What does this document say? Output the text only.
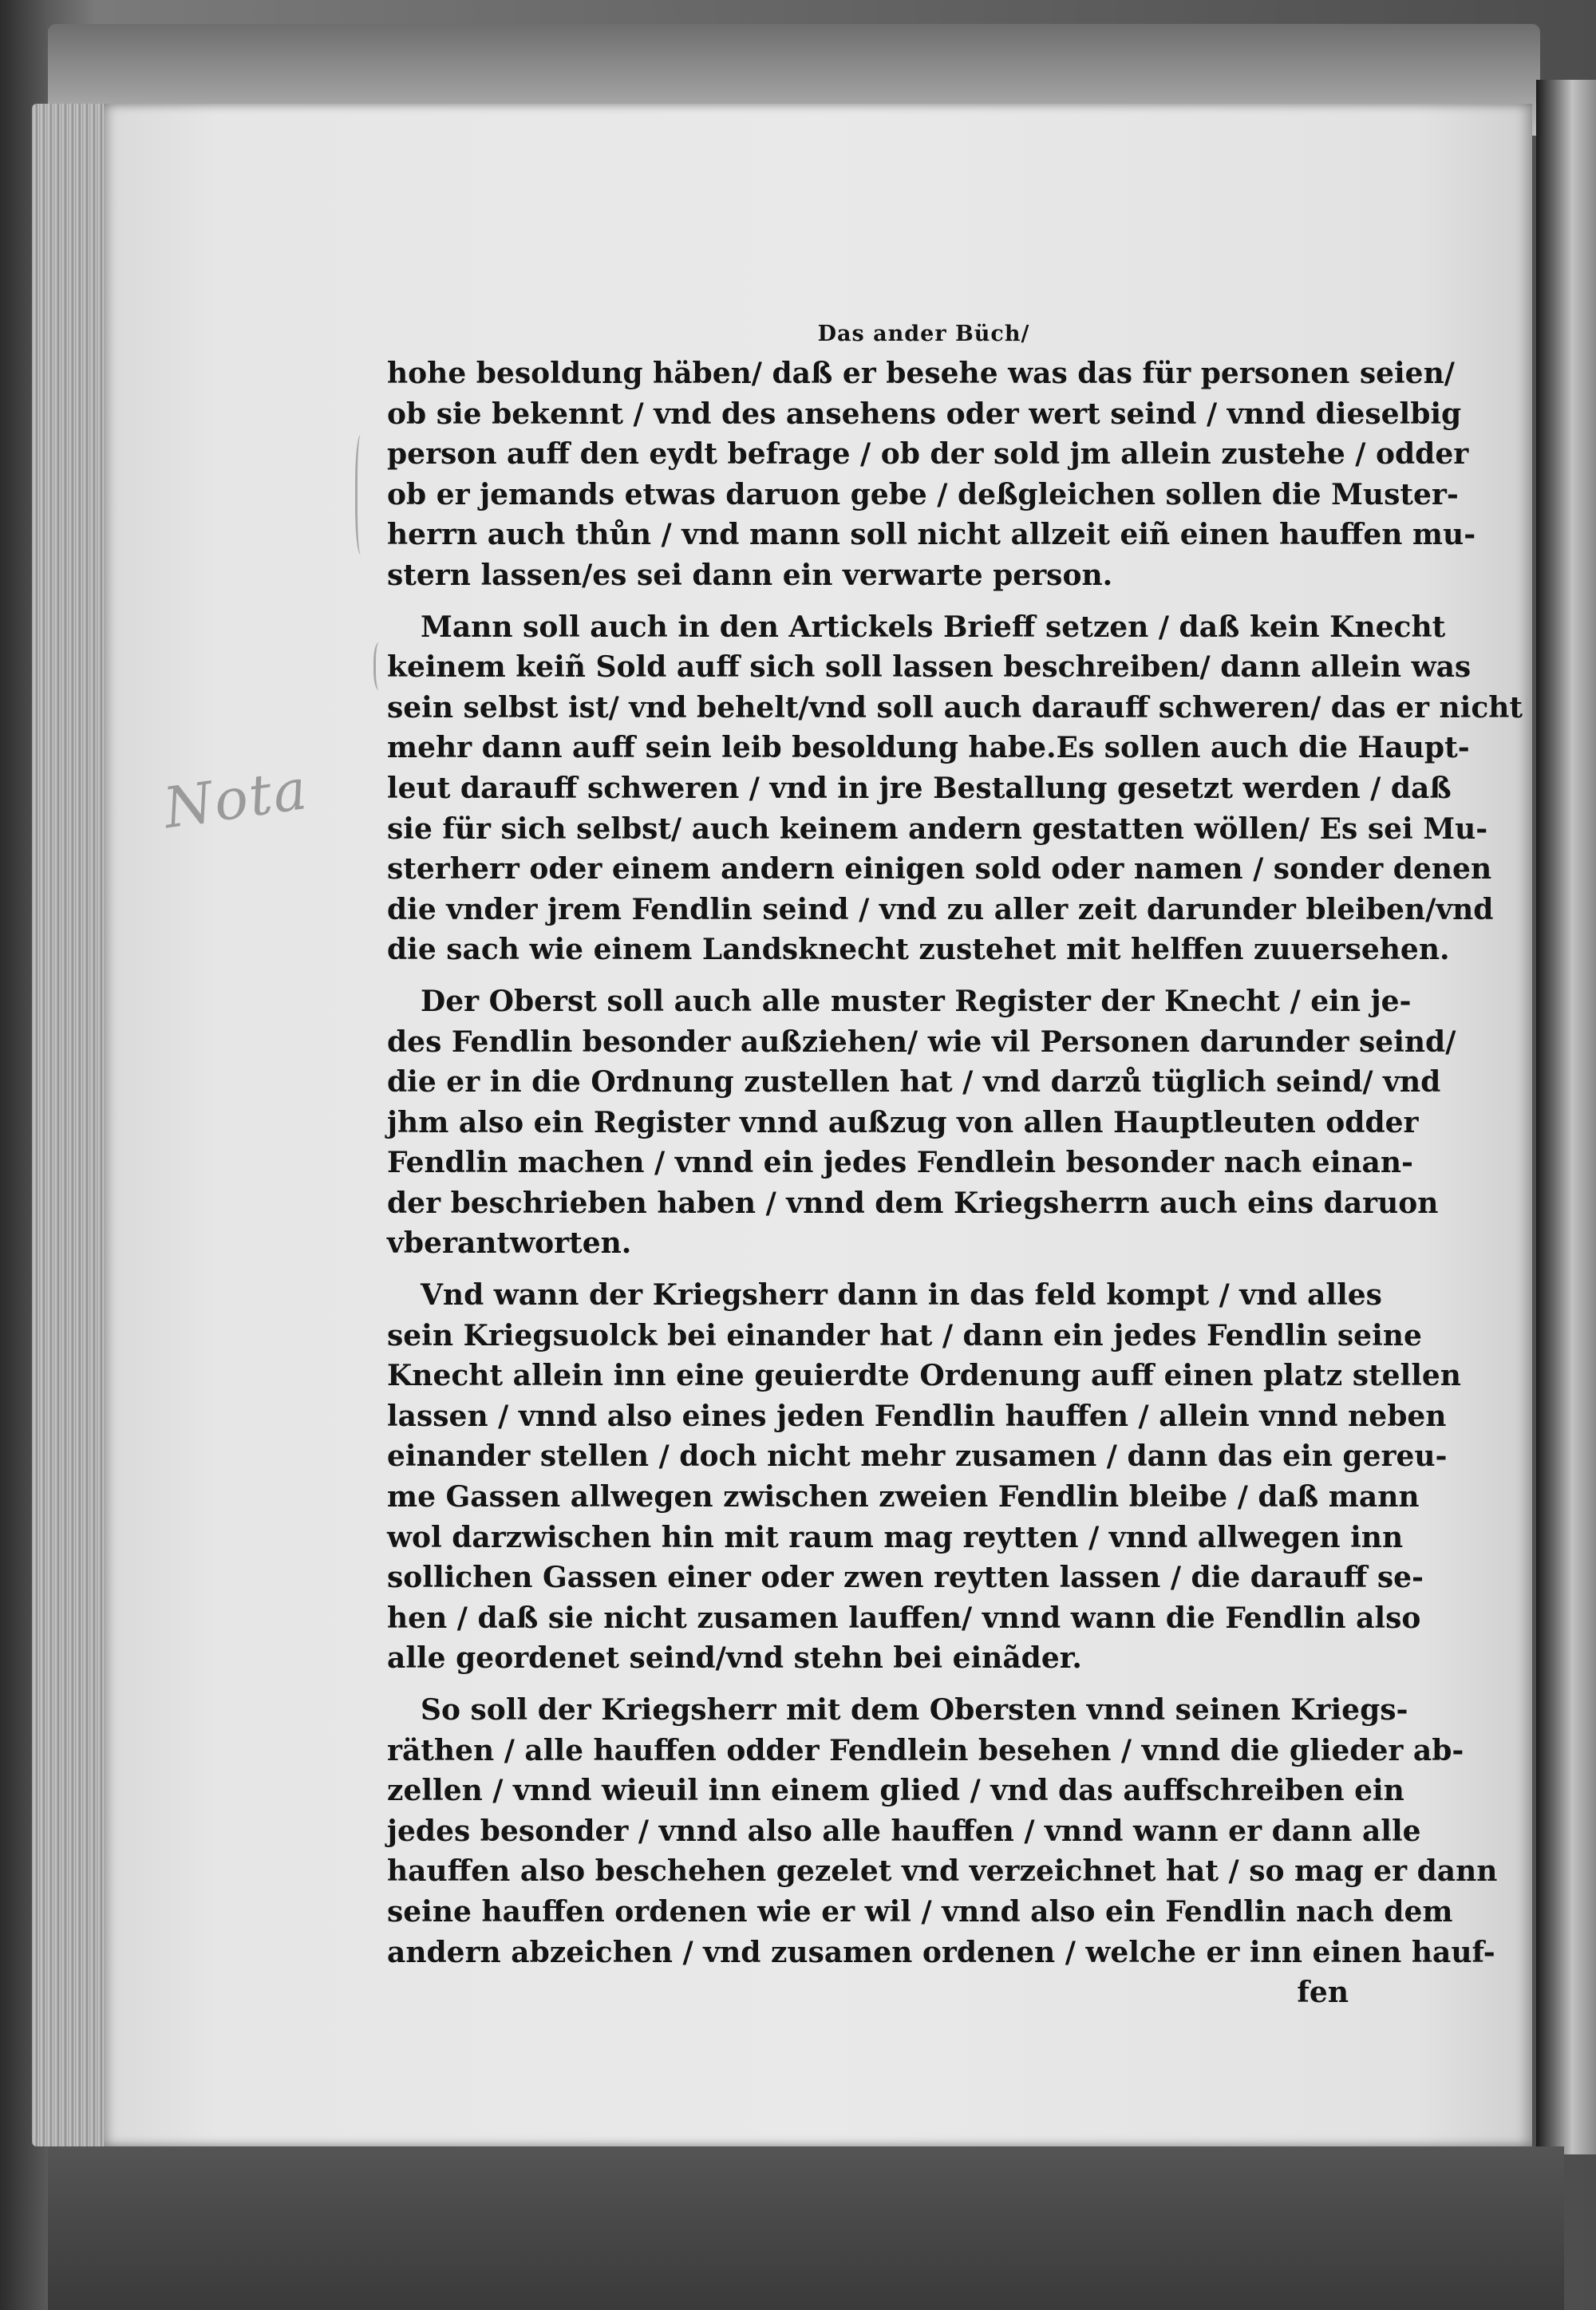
Nota
Das ander Büch/
hohe besoldung häben/ daß er besehe was das für personen seien/
ob sie bekennt / vnd des ansehens oder wert seind / vnnd dieselbig
person auff den eydt befrage / ob der sold jm allein zustehe / odder
ob er jemands etwas daruon gebe / deßgleichen sollen die Muster-
herrn auch thůn / vnd mann soll nicht allzeit eiñ einen hauffen mu-
stern lassen/es sei dann ein verwarte person.
Mann soll auch in den Artickels Brieff setzen / daß kein Knecht
keinem keiñ Sold auff sich soll lassen beschreiben/ dann allein was
sein selbst ist/ vnd behelt/vnd soll auch darauff schweren/ das er nicht
mehr dann auff sein leib besoldung habe.Es sollen auch die Haupt-
leut darauff schweren / vnd in jre Bestallung gesetzt werden / daß
sie für sich selbst/ auch keinem andern gestatten wöllen/ Es sei Mu-
sterherr oder einem andern einigen sold oder namen / sonder denen
die vnder jrem Fendlin seind / vnd zu aller zeit darunder bleiben/vnd
die sach wie einem Landsknecht zustehet mit helffen zuuersehen.
Der Oberst soll auch alle muster Register der Knecht / ein je-
des Fendlin besonder außziehen/ wie vil Personen darunder seind/
die er in die Ordnung zustellen hat / vnd darzů tüglich seind/ vnd
jhm also ein Register vnnd außzug von allen Hauptleuten odder
Fendlin machen / vnnd ein jedes Fendlein besonder nach einan-
der beschrieben haben / vnnd dem Kriegsherrn auch eins daruon
vberantworten.
Vnd wann der Kriegsherr dann in das feld kompt / vnd alles
sein Kriegsuolck bei einander hat / dann ein jedes Fendlin seine
Knecht allein inn eine geuierdte Ordenung auff einen platz stellen
lassen / vnnd also eines jeden Fendlin hauffen / allein vnnd neben
einander stellen / doch nicht mehr zusamen / dann das ein gereu-
me Gassen allwegen zwischen zweien Fendlin bleibe / daß mann
wol darzwischen hin mit raum mag reytten / vnnd allwegen inn
sollichen Gassen einer oder zwen reytten lassen / die darauff se-
hen / daß sie nicht zusamen lauffen/ vnnd wann die Fendlin also
alle geordenet seind/vnd stehn bei einãder.
So soll der Kriegsherr mit dem Obersten vnnd seinen Kriegs-
räthen / alle hauffen odder Fendlein besehen / vnnd die glieder ab-
zellen / vnnd wieuil inn einem glied / vnd das auffschreiben ein
jedes besonder / vnnd also alle hauffen / vnnd wann er dann alle
hauffen also beschehen gezelet vnd verzeichnet hat / so mag er dann
seine hauffen ordenen wie er wil / vnnd also ein Fendlin nach dem
andern abzeichen / vnd zusamen ordenen / welche er inn einen hauf-
fen
